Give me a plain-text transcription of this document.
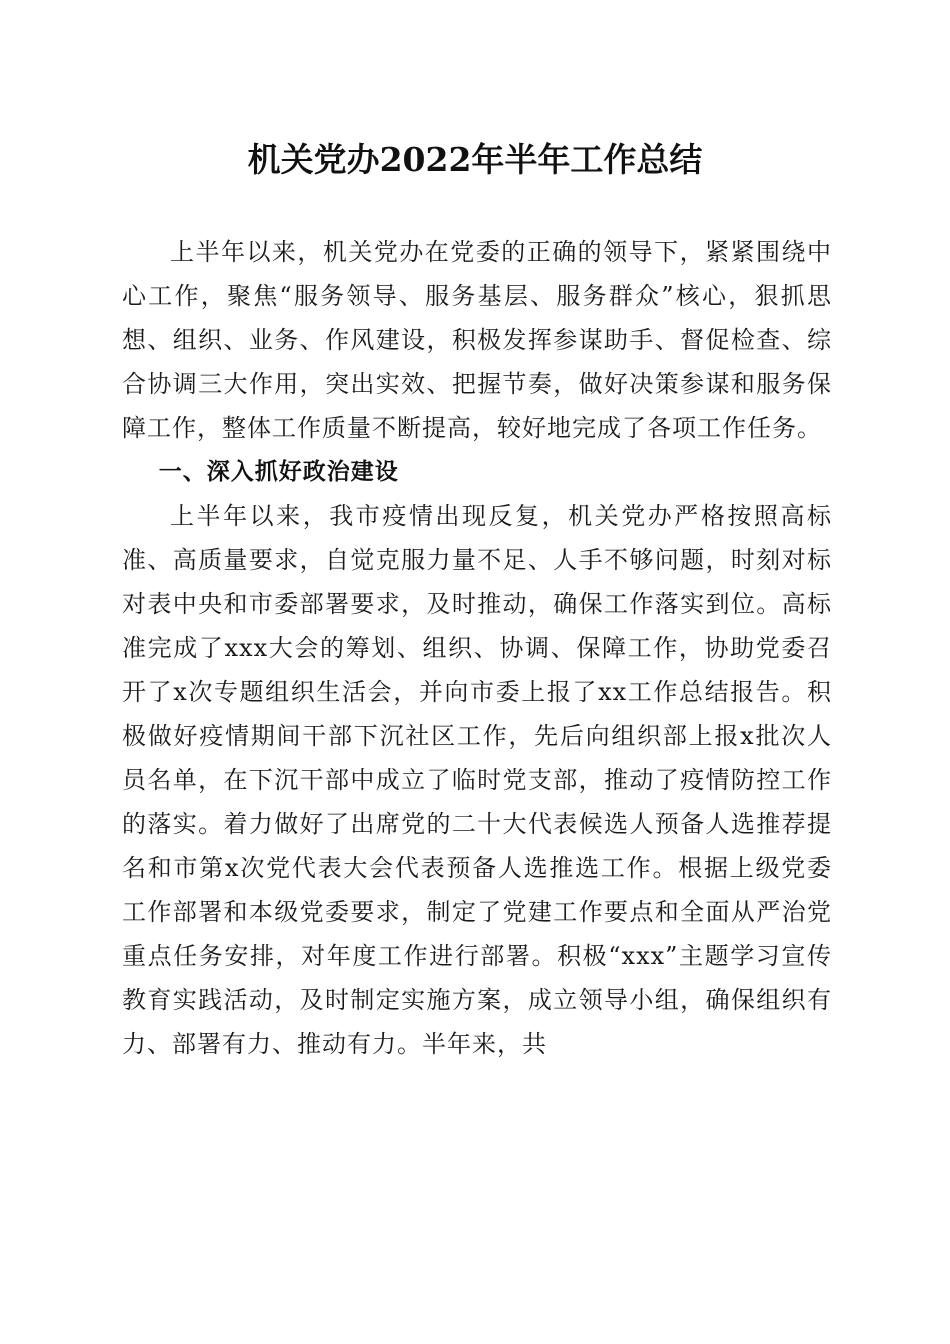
机关党办2022年半年工作总结

上半年以来，机关党办在党委的正确的领导下，紧紧围绕中心工作，聚焦“服务领导、服务基层、服务群众”核心，狠抓思想、组织、业务、作风建设，积极发挥参谋助手、督促检查、综合协调三大作用，突出实效、把握节奏，做好决策参谋和服务保障工作，整体工作质量不断提高，较好地完成了各项工作任务。

一、深入抓好政治建设

上半年以来，我市疫情出现反复，机关党办严格按照高标准、高质量要求，自觉克服力量不足、人手不够问题，时刻对标对表中央和市委部署要求，及时推动，确保工作落实到位。高标准完成了xxx大会的筹划、组织、协调、保障工作，协助党委召开了x次专题组织生活会，并向市委上报了xx工作总结报告。积极做好疫情期间干部下沉社区工作，先后向组织部上报x批次人员名单，在下沉干部中成立了临时党支部，推动了疫情防控工作的落实。着力做好了出席党的二十大代表候选人预备人选推荐提名和市第x次党代表大会代表预备人选推选工作。根据上级党委工作部署和本级党委要求，制定了党建工作要点和全面从严治党重点任务安排，对年度工作进行部署。积极“xxx”主题学习宣传教育实践活动，及时制定实施方案，成立领导小组，确保组织有力、部署有力、推动有力。半年来，共
